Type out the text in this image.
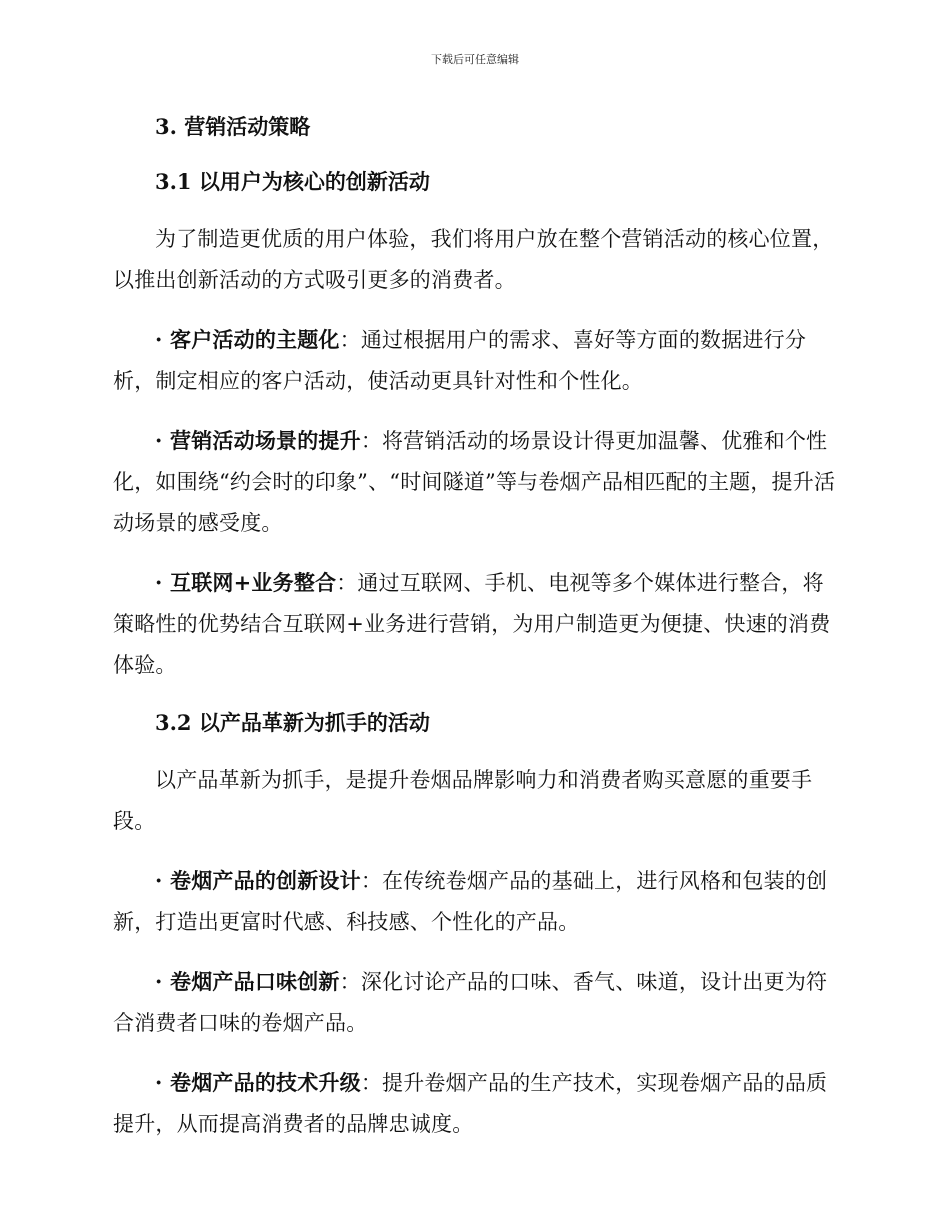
下载后可任意编辑
3. 营销活动策略
3.1 以用户为核心的创新活动

为了制造更优质的用户体验，我们将用户放在整个营销活动的核心位置，以推出创新活动的方式吸引更多的消费者。

· 客户活动的主题化：通过根据用户的需求、喜好等方面的数据进行分析，制定相应的客户活动，使活动更具针对性和个性化。

· 营销活动场景的提升：将营销活动的场景设计得更加温馨、优雅和个性化，如围绕“约会时的印象”、“时间隧道”等与卷烟产品相匹配的主题，提升活动场景的感受度。

· 互联网+业务整合：通过互联网、手机、电视等多个媒体进行整合，将策略性的优势结合互联网+业务进行营销，为用户制造更为便捷、快速的消费体验。

3.2 以产品革新为抓手的活动

以产品革新为抓手，是提升卷烟品牌影响力和消费者购买意愿的重要手段。

· 卷烟产品的创新设计：在传统卷烟产品的基础上，进行风格和包装的创新，打造出更富时代感、科技感、个性化的产品。

· 卷烟产品口味创新：深化讨论产品的口味、香气、味道，设计出更为符合消费者口味的卷烟产品。

· 卷烟产品的技术升级：提升卷烟产品的生产技术，实现卷烟产品的品质提升，从而提高消费者的品牌忠诚度。
